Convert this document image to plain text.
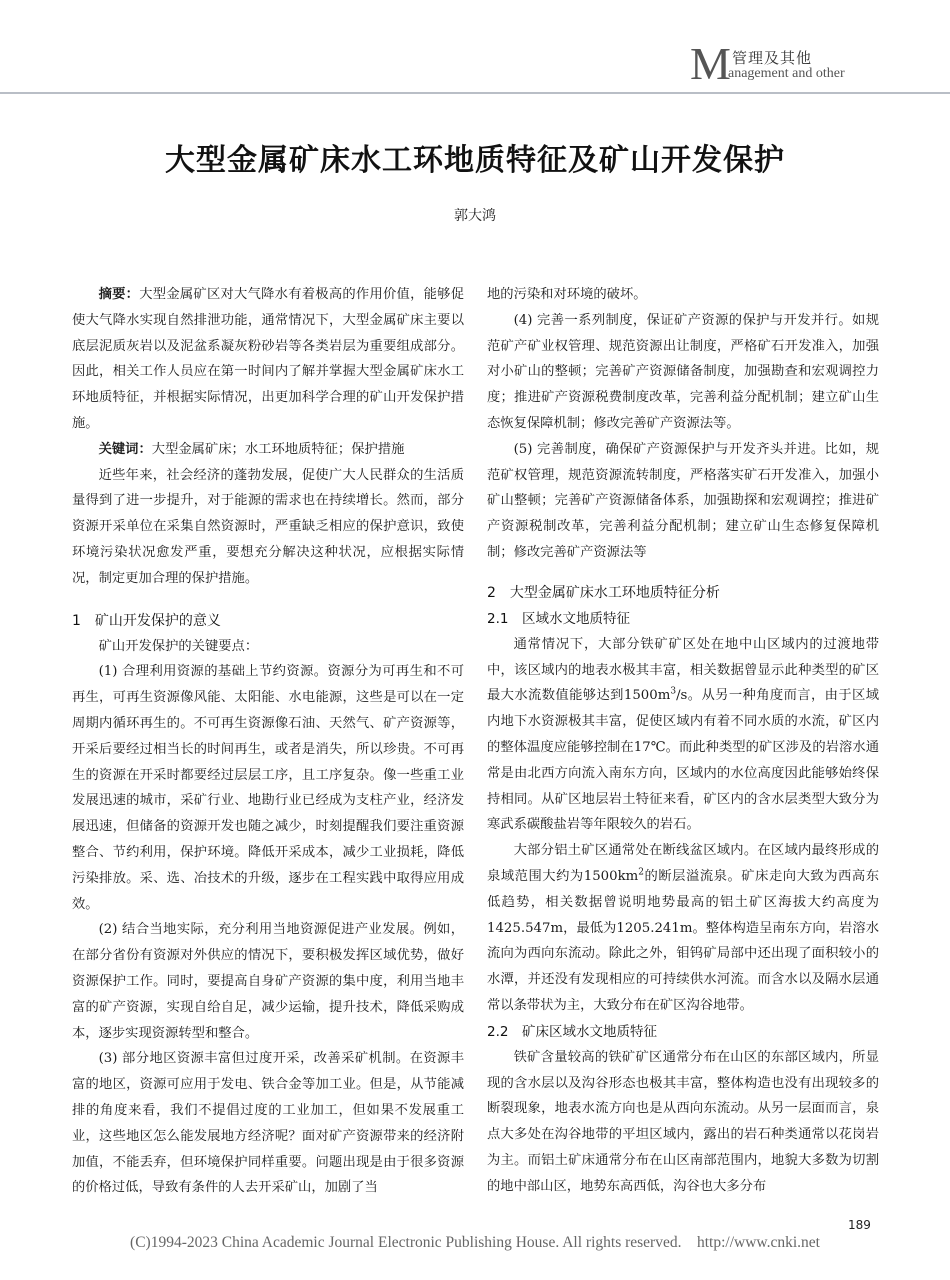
M 管理及其他
anagement and other
大型金属矿床水工环地质特征及矿山开发保护
郭大鸿

摘要：大型金属矿区对大气降水有着极高的作用价值，能够促使大气降水实现自然排泄功能，通常情况下，大型金属矿床主要以底层泥质灰岩以及泥盆系凝灰粉砂岩等各类岩层为重要组成部分。因此，相关工作人员应在第一时间内了解并掌握大型金属矿床水工环地质特征，并根据实际情况，出更加科学合理的矿山开发保护措施。

关键词：大型金属矿床；水工环地质特征；保护措施

近些年来，社会经济的蓬勃发展，促使广大人民群众的生活质量得到了进一步提升，对于能源的需求也在持续增长。然而，部分资源开采单位在采集自然资源时，严重缺乏相应的保护意识，致使环境污染状况愈发严重，要想充分解决这种状况，应根据实际情况，制定更加合理的保护措施。

1　矿山开发保护的意义

矿山开发保护的关键要点：

(1) 合理利用资源的基础上节约资源。资源分为可再生和不可再生，可再生资源像风能、太阳能、水电能源，这些是可以在一定周期内循环再生的。不可再生资源像石油、天然气、矿产资源等，开采后要经过相当长的时间再生，或者是消失，所以珍贵。不可再生的资源在开采时都要经过层层工序，且工序复杂。像一些重工业发展迅速的城市，采矿行业、地勘行业已经成为支柱产业，经济发展迅速，但储备的资源开发也随之减少，时刻提醒我们要注重资源整合、节约利用，保护环境。降低开采成本，减少工业损耗，降低污染排放。采、选、冶技术的升级，逐步在工程实践中取得应用成效。

(2) 结合当地实际，充分利用当地资源促进产业发展。例如，在部分省份有资源对外供应的情况下，要积极发挥区域优势，做好资源保护工作。同时，要提高自身矿产资源的集中度，利用当地丰富的矿产资源，实现自给自足，减少运输，提升技术，降低采购成本，逐步实现资源转型和整合。

(3) 部分地区资源丰富但过度开采，改善采矿机制。在资源丰富的地区，资源可应用于发电、铁合金等加工业。但是，从节能减排的角度来看，我们不提倡过度的工业加工，但如果不发展重工业，这些地区怎么能发展地方经济呢？面对矿产资源带来的经济附加值，不能丢弃，但环境保护同样重要。问题出现是由于很多资源的价格过低，导致有条件的人去开采矿山，加剧了当

地的污染和对环境的破坏。

(4) 完善一系列制度，保证矿产资源的保护与开发并行。如规范矿产矿业权管理、规范资源出让制度，严格矿石开发准入，加强对小矿山的整顿；完善矿产资源储备制度，加强勘查和宏观调控力度；推进矿产资源税费制度改革，完善利益分配机制；建立矿山生态恢复保障机制；修改完善矿产资源法等。

(5) 完善制度，确保矿产资源保护与开发齐头并进。比如，规范矿权管理，规范资源流转制度，严格落实矿石开发准入，加强小矿山整顿；完善矿产资源储备体系，加强勘探和宏观调控；推进矿产资源税制改革，完善利益分配机制；建立矿山生态修复保障机制；修改完善矿产资源法等

2　大型金属矿床水工环地质特征分析

2.1　区域水文地质特征

通常情况下，大部分铁矿矿区处在地中山区域内的过渡地带中，该区域内的地表水极其丰富，相关数据曾显示此种类型的矿区最大水流数值能够达到$1500m^3/s$。从另一种角度而言，由于区域内地下水资源极其丰富，促使区域内有着不同水质的水流，矿区内的整体温度应能够控制在17℃。而此种类型的矿区涉及的岩溶水通常是由北西方向流入南东方向，区域内的水位高度因此能够始终保持相同。从矿区地层岩土特征来看，矿区内的含水层类型大致分为寒武系碳酸盐岩等年限较久的岩石。

大部分铝土矿区通常处在断线盆区域内。在区域内最终形成的泉域范围大约为$1500km^2$的断层溢流泉。矿床走向大致为西高东低趋势，相关数据曾说明地势最高的铝土矿区海拔大约高度为1425.547m，最低为1205.241m。整体构造呈南东方向，岩溶水流向为西向东流动。除此之外，钼钨矿局部中还出现了面积较小的水潭，并还没有发现相应的可持续供水河流。而含水以及隔水层通常以条带状为主，大致分布在矿区沟谷地带。

2.2　矿床区域水文地质特征

铁矿含量较高的铁矿矿区通常分布在山区的东部区域内，所显现的含水层以及沟谷形态也极其丰富，整体构造也没有出现较多的断裂现象，地表水流方向也是从西向东流动。从另一层面而言，泉点大多处在沟谷地带的平坦区域内，露出的岩石种类通常以花岗岩为主。而铝土矿床通常分布在山区南部范围内，地貌大多数为切割的地中部山区，地势东高西低，沟谷也大多分布

189
(C)1994-2023 China Academic Journal Electronic Publishing House. All rights reserved.    http://www.cnki.net
